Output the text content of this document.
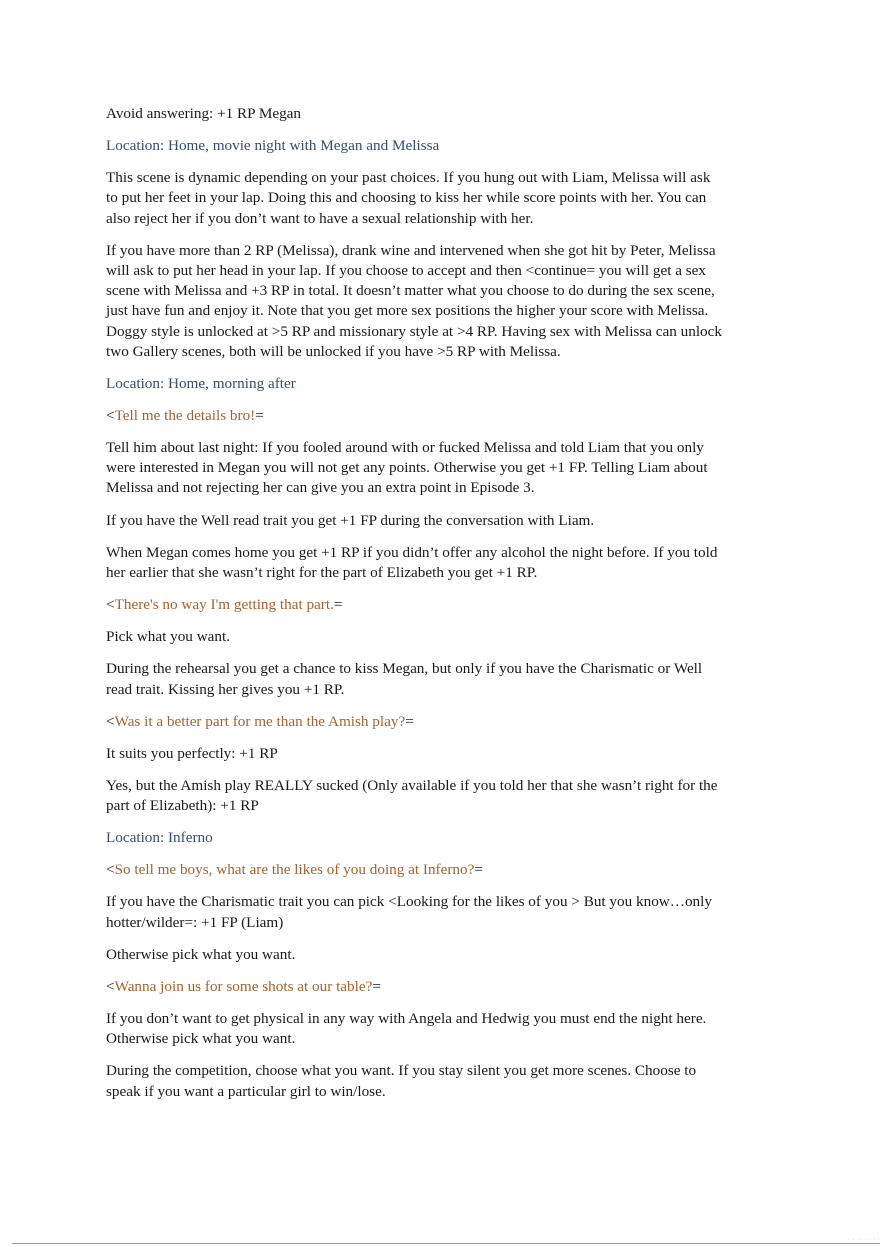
Avoid answering: +1 RP Megan

Location: Home, movie night with Megan and Melissa

This scene is dynamic depending on your past choices. If you hung out with Liam, Melissa will ask to put her feet in your lap. Doing this and choosing to kiss her while score points with her. You can also reject her if you don’t want to have a sexual relationship with her.

If you have more than 2 RP (Melissa), drank wine and intervened when she got hit by Peter, Melissa will ask to put her head in your lap. If you choose to accept and then <continue= you will get a sex scene with Melissa and +3 RP in total. It doesn’t matter what you choose to do during the sex scene, just have fun and enjoy it. Note that you get more sex positions the higher your score with Melissa. Doggy style is unlocked at >5 RP and missionary style at >4 RP. Having sex with Melissa can unlock two Gallery scenes, both will be unlocked if you have >5 RP with Melissa.

Location: Home, morning after

<Tell me the details bro!=

Tell him about last night: If you fooled around with or fucked Melissa and told Liam that you only were interested in Megan you will not get any points. Otherwise you get +1 FP. Telling Liam about Melissa and not rejecting her can give you an extra point in Episode 3.

If you have the Well read trait you get +1 FP during the conversation with Liam.

When Megan comes home you get +1 RP if you didn’t offer any alcohol the night before. If you told her earlier that she wasn’t right for the part of Elizabeth you get +1 RP.

<There's no way I'm getting that part.=

Pick what you want.

During the rehearsal you get a chance to kiss Megan, but only if you have the Charismatic or Well read trait. Kissing her gives you +1 RP.

<Was it a better part for me than the Amish play?=

It suits you perfectly: +1 RP

Yes, but the Amish play REALLY sucked (Only available if you told her that she wasn’t right for the part of Elizabeth): +1 RP

Location: Inferno

<So tell me boys, what are the likes of you doing at Inferno?=

If you have the Charismatic trait you can pick <Looking for the likes of you > But you know…only hotter/wilder=: +1 FP (Liam)

Otherwise pick what you want.

<Wanna join us for some shots at our table?=

If you don’t want to get physical in any way with Angela and Hedwig you must end the night here. Otherwise pick what you want.

During the competition, choose what you want. If you stay silent you get more scenes. Choose to speak if you want a particular girl to win/lose.

· ·· ·· ··· · ·
